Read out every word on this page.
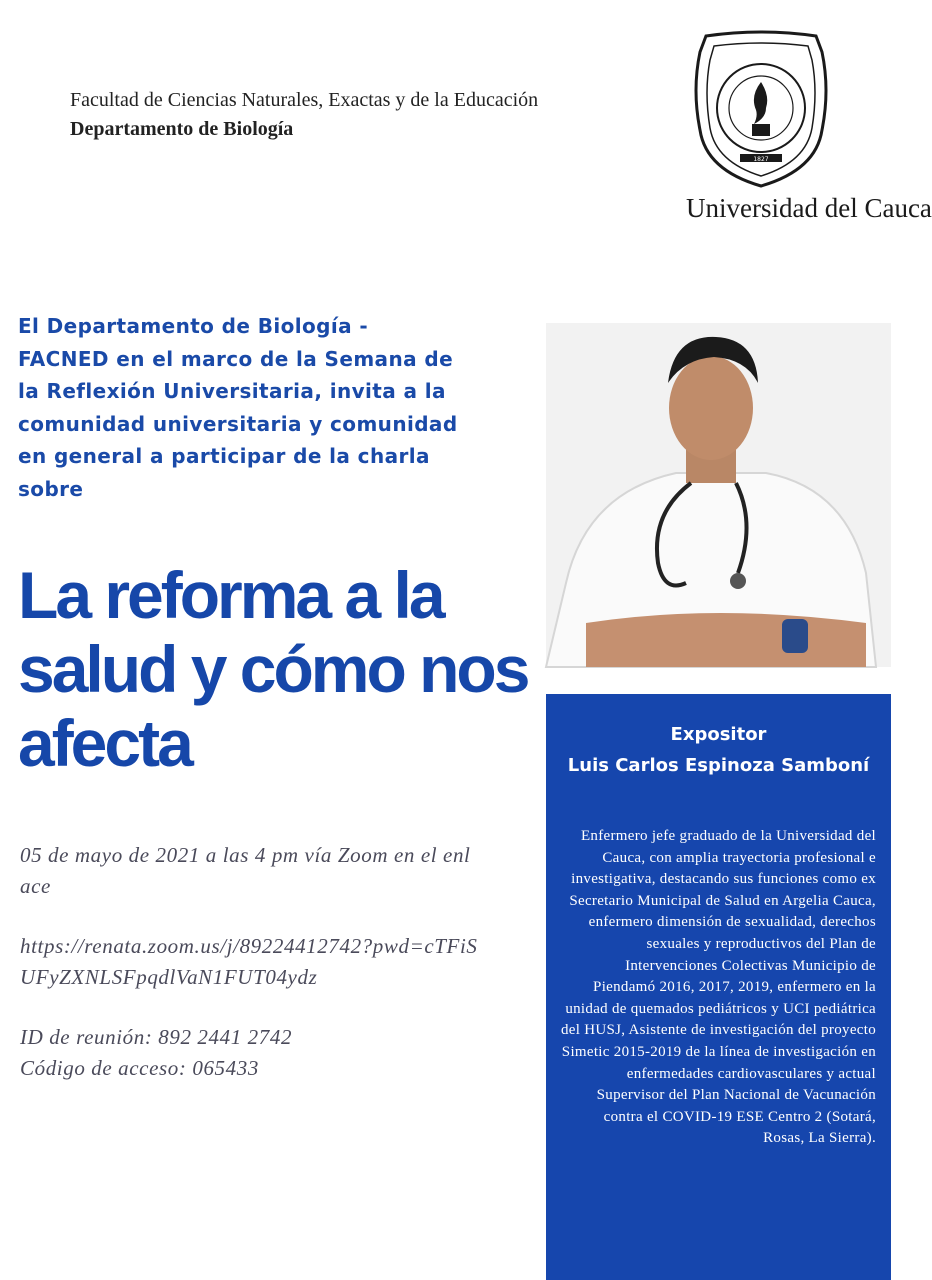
Facultad de Ciencias Naturales, Exactas y de la Educación
Departamento de Biología
1827
Universidad del Cauca
El Departamento de Biología - FACNED en el marco de la Semana de la Reflexión Universitaria, invita a la comunidad universitaria y comunidad en general a participar de la charla sobre
La reforma a la salud y cómo nos afecta
05 de mayo de 2021 a las 4 pm vía Zoom en el enlace
https://renata.zoom.us/j/89224412742?pwd=cTFiSUFyZXNLSFpqdlVaN1FUT04ydz
ID de reunión: 892 2441 2742
Código de acceso: 065433
Expositor
Luis Carlos Espinoza Samboní
Enfermero jefe graduado de la Universidad del Cauca, con amplia trayectoria profesional e investigativa, destacando sus funciones como ex Secretario Municipal de Salud en Argelia Cauca, enfermero dimensión de sexualidad, derechos sexuales y reproductivos del Plan de Intervenciones Colectivas Municipio de Piendamó 2016, 2017, 2019, enfermero en la unidad de quemados pediátricos y UCI pediátrica del HUSJ, Asistente de investigación del proyecto Simetic 2015-2019 de la línea de investigación en enfermedades cardiovasculares y actual Supervisor del Plan Nacional de Vacunación contra el COVID-19 ESE Centro 2 (Sotará, Rosas, La Sierra).
